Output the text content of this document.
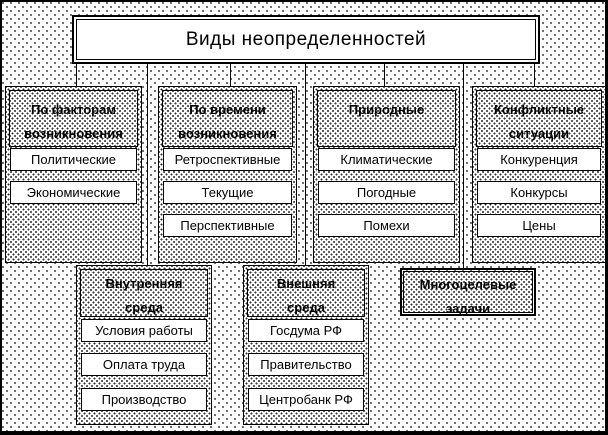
Виды неопределенностей
По факторам
возникновения
Политические
Экономические
По времени
возникновения
Ретроспективные
Текущие
Перспективные
Природные
Климатические
Погодные
Помехи
Конфликтные
ситуации
Конкуренция
Конкурсы
Цены
Внутренняя
среда
Условия работы
Оплата труда
Производство
Внешняя
среда
Госдума РФ
Правительство
Центробанк РФ
Многоцелевые
задачи
